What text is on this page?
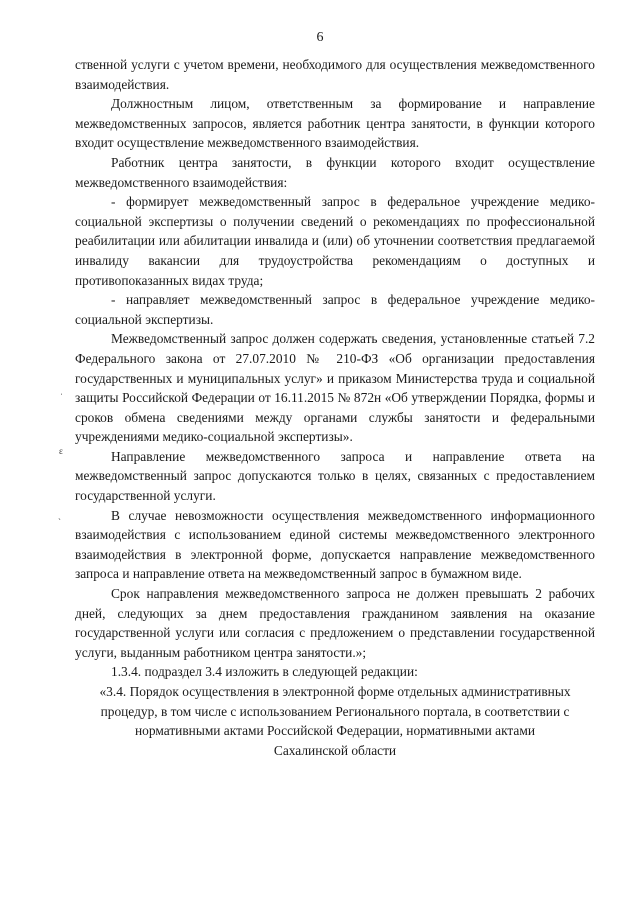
6
ˈ
ɛ
ˏ

ственной услуги с учетом времени, необходимого для осуществления межведомственного взаимодействия.

Должностным лицом, ответственным за формирование и направление межведомственных запросов, является работник центра занятости, в функции которого входит осуществление межведомственного взаимодействия.

Работник центра занятости, в функции которого входит осуществление межведомственного взаимодействия:

- формирует межведомственный запрос в федеральное учреждение медико-социальной экспертизы о получении сведений о рекомендациях по профессиональной реабилитации или абилитации инвалида и (или) об уточнении соответствия предлагаемой инвалиду вакансии для трудоустройства рекомендациям о доступных и противопоказанных видах труда;

- направляет межведомственный запрос в федеральное учреждение медико-социальной экспертизы.

Межведомственный запрос должен содержать сведения, установленные статьей 7.2 Федерального закона от 27.07.2010 № 210-ФЗ «Об организации предоставления государственных и муниципальных услуг» и приказом Министерства труда и социальной защиты Российской Федерации от 16.11.2015 № 872н «Об утверждении Порядка, формы и сроков обмена сведениями между органами службы занятости и федеральными учреждениями медико-социальной экспертизы».

Направление межведомственного запроса и направление ответа на межведомственный запрос допускаются только в целях, связанных с предоставлением государственной услуги.

В случае невозможности осуществления межведомственного информационного взаимодействия с использованием единой системы межведомственного электронного взаимодействия в электронной форме, допускается направление межведомственного запроса и направление ответа на межведомственный запрос в бумажном виде.

Срок направления межведомственного запроса не должен превышать 2 рабочих дней, следующих за днем предоставления гражданином заявления на оказание государственной услуги или согласия с предложением о представлении государственной услуги, выданным работником центра занятости.»;

1.3.4. подраздел 3.4 изложить в следующей редакции:

«3.4. Порядок осуществления в электронной форме отдельных административных процедур, в том числе с использованием Регионального портала, в соответствии с нормативными актами Российской Федерации, нормативными актами Сахалинской области
